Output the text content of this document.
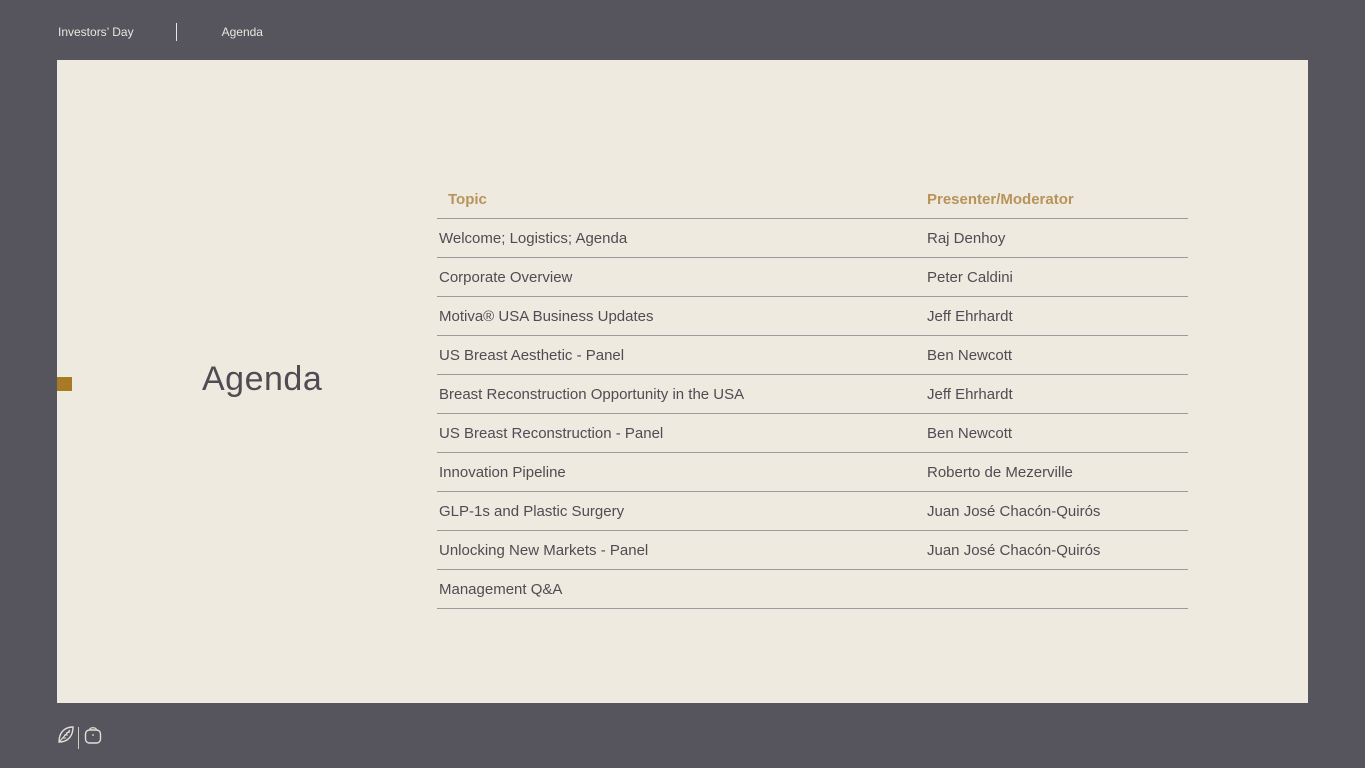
Investors’ Day	Agenda
Agenda
Topic	Presenter/Moderator
Welcome; Logistics; Agenda	Raj Denhoy
Corporate Overview	Peter Caldini
Motiva® USA Business Updates	Jeff Ehrhardt
US Breast Aesthetic - Panel	Ben Newcott
Breast Reconstruction Opportunity in the USA	Jeff Ehrhardt
US Breast Reconstruction - Panel	Ben Newcott
Innovation Pipeline	Roberto de Mezerville
GLP-1s and Plastic Surgery	Juan José Chacón-Quirós
Unlocking New Markets - Panel	Juan José Chacón-Quirós
Management Q&A	
